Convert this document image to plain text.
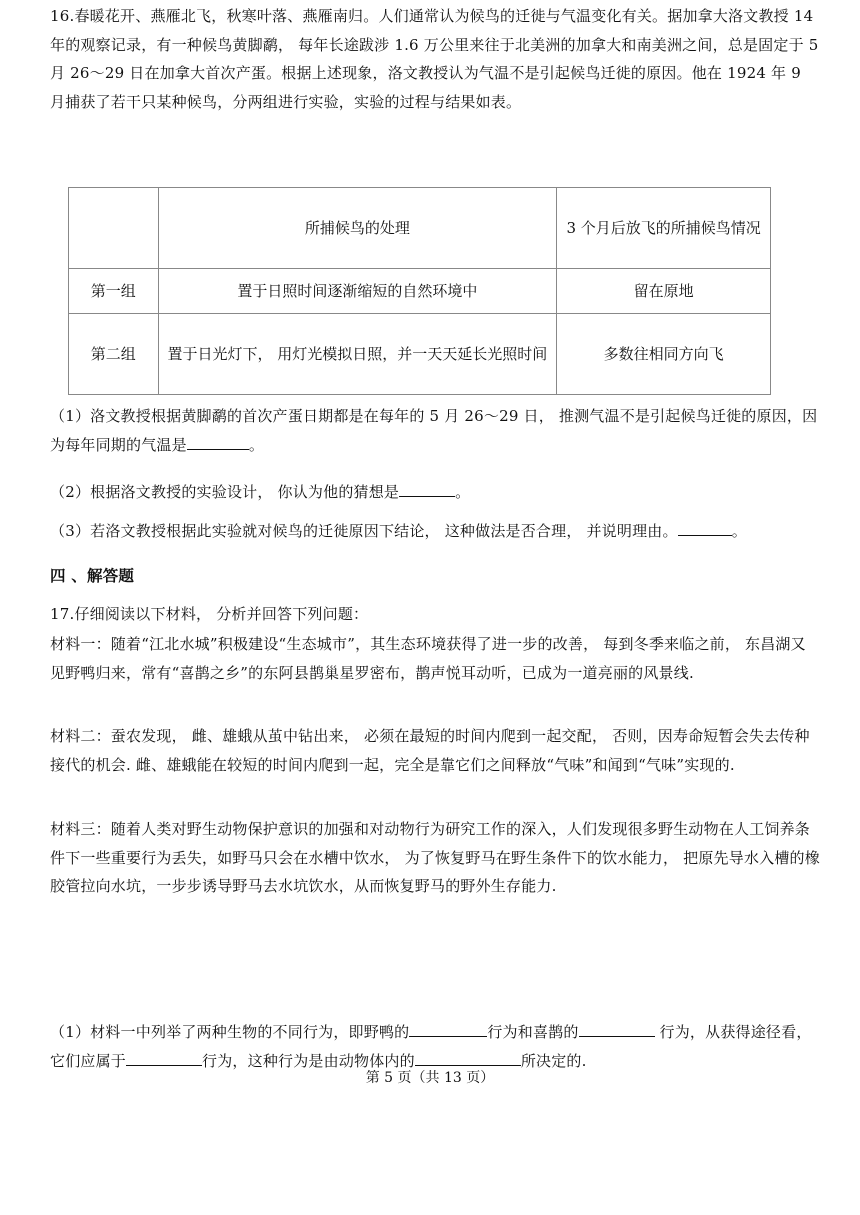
16.春暖花开、燕雁北飞，秋寒叶落、燕雁南归。人们通常认为候鸟的迁徙与气温变化有关。据加拿大洛文教授 14 年的观察记录，有一种候鸟黄脚鹬， 每年长途跋涉 1.6 万公里来往于北美洲的加拿大和南美洲之间，总是固定于 5 月 26～29 日在加拿大首次产蛋。根据上述现象，洛文教授认为气温不是引起候鸟迁徙的原因。他在 1924 年 9 月捕获了若干只某种候鸟，分两组进行实验，实验的过程与结果如表。

	所捕候鸟的处理	3 个月后放飞的所捕候鸟情况
第一组	置于日照时间逐渐缩短的自然环境中	留在原地
第二组	置于日光灯下， 用灯光模拟日照，并一天天延长光照时间	多数往相同方向飞

（1）洛文教授根据黄脚鹬的首次产蛋日期都是在每年的 5 月 26～29 日， 推测气温不是引起候鸟迁徙的原因，因为每年同期的气温是	。

（2）根据洛文教授的实验设计， 你认为他的猜想是	。

（3）若洛文教授根据此实验就对候鸟的迁徙原因下结论， 这种做法是否合理， 并说明理由。	。

四 、解答题

17.仔细阅读以下材料， 分析并回答下列问题：

材料一：随着“江北水城”积极建设“生态城市”，其生态环境获得了进一步的改善， 每到冬季来临之前， 东昌湖又见野鸭归来，常有“喜鹊之乡”的东阿县鹊巢星罗密布，鹊声悦耳动听，已成为一道亮丽的风景线.

材料二：蚕农发现， 雌、雄蛾从茧中钻出来， 必须在最短的时间内爬到一起交配， 否则，因寿命短暂会失去传种接代的机会. 雌、雄蛾能在较短的时间内爬到一起，完全是靠它们之间释放“气味”和闻到“气味”实现的.

材料三：随着人类对野生动物保护意识的加强和对动物行为研究工作的深入，人们发现很多野生动物在人工饲养条件下一些重要行为丢失，如野马只会在水槽中饮水， 为了恢复野马在野生条件下的饮水能力， 把原先导水入槽的橡胶管拉向水坑，一步步诱导野马去水坑饮水，从而恢复野马的野外生存能力.

（1）材料一中列举了两种生物的不同行为，即野鸭的	行为和喜鹊的	行为，从获得途径看， 它们应属于	行为，这种行为是由动物体内的	所决定的.

第 5 页（共 13 页）
